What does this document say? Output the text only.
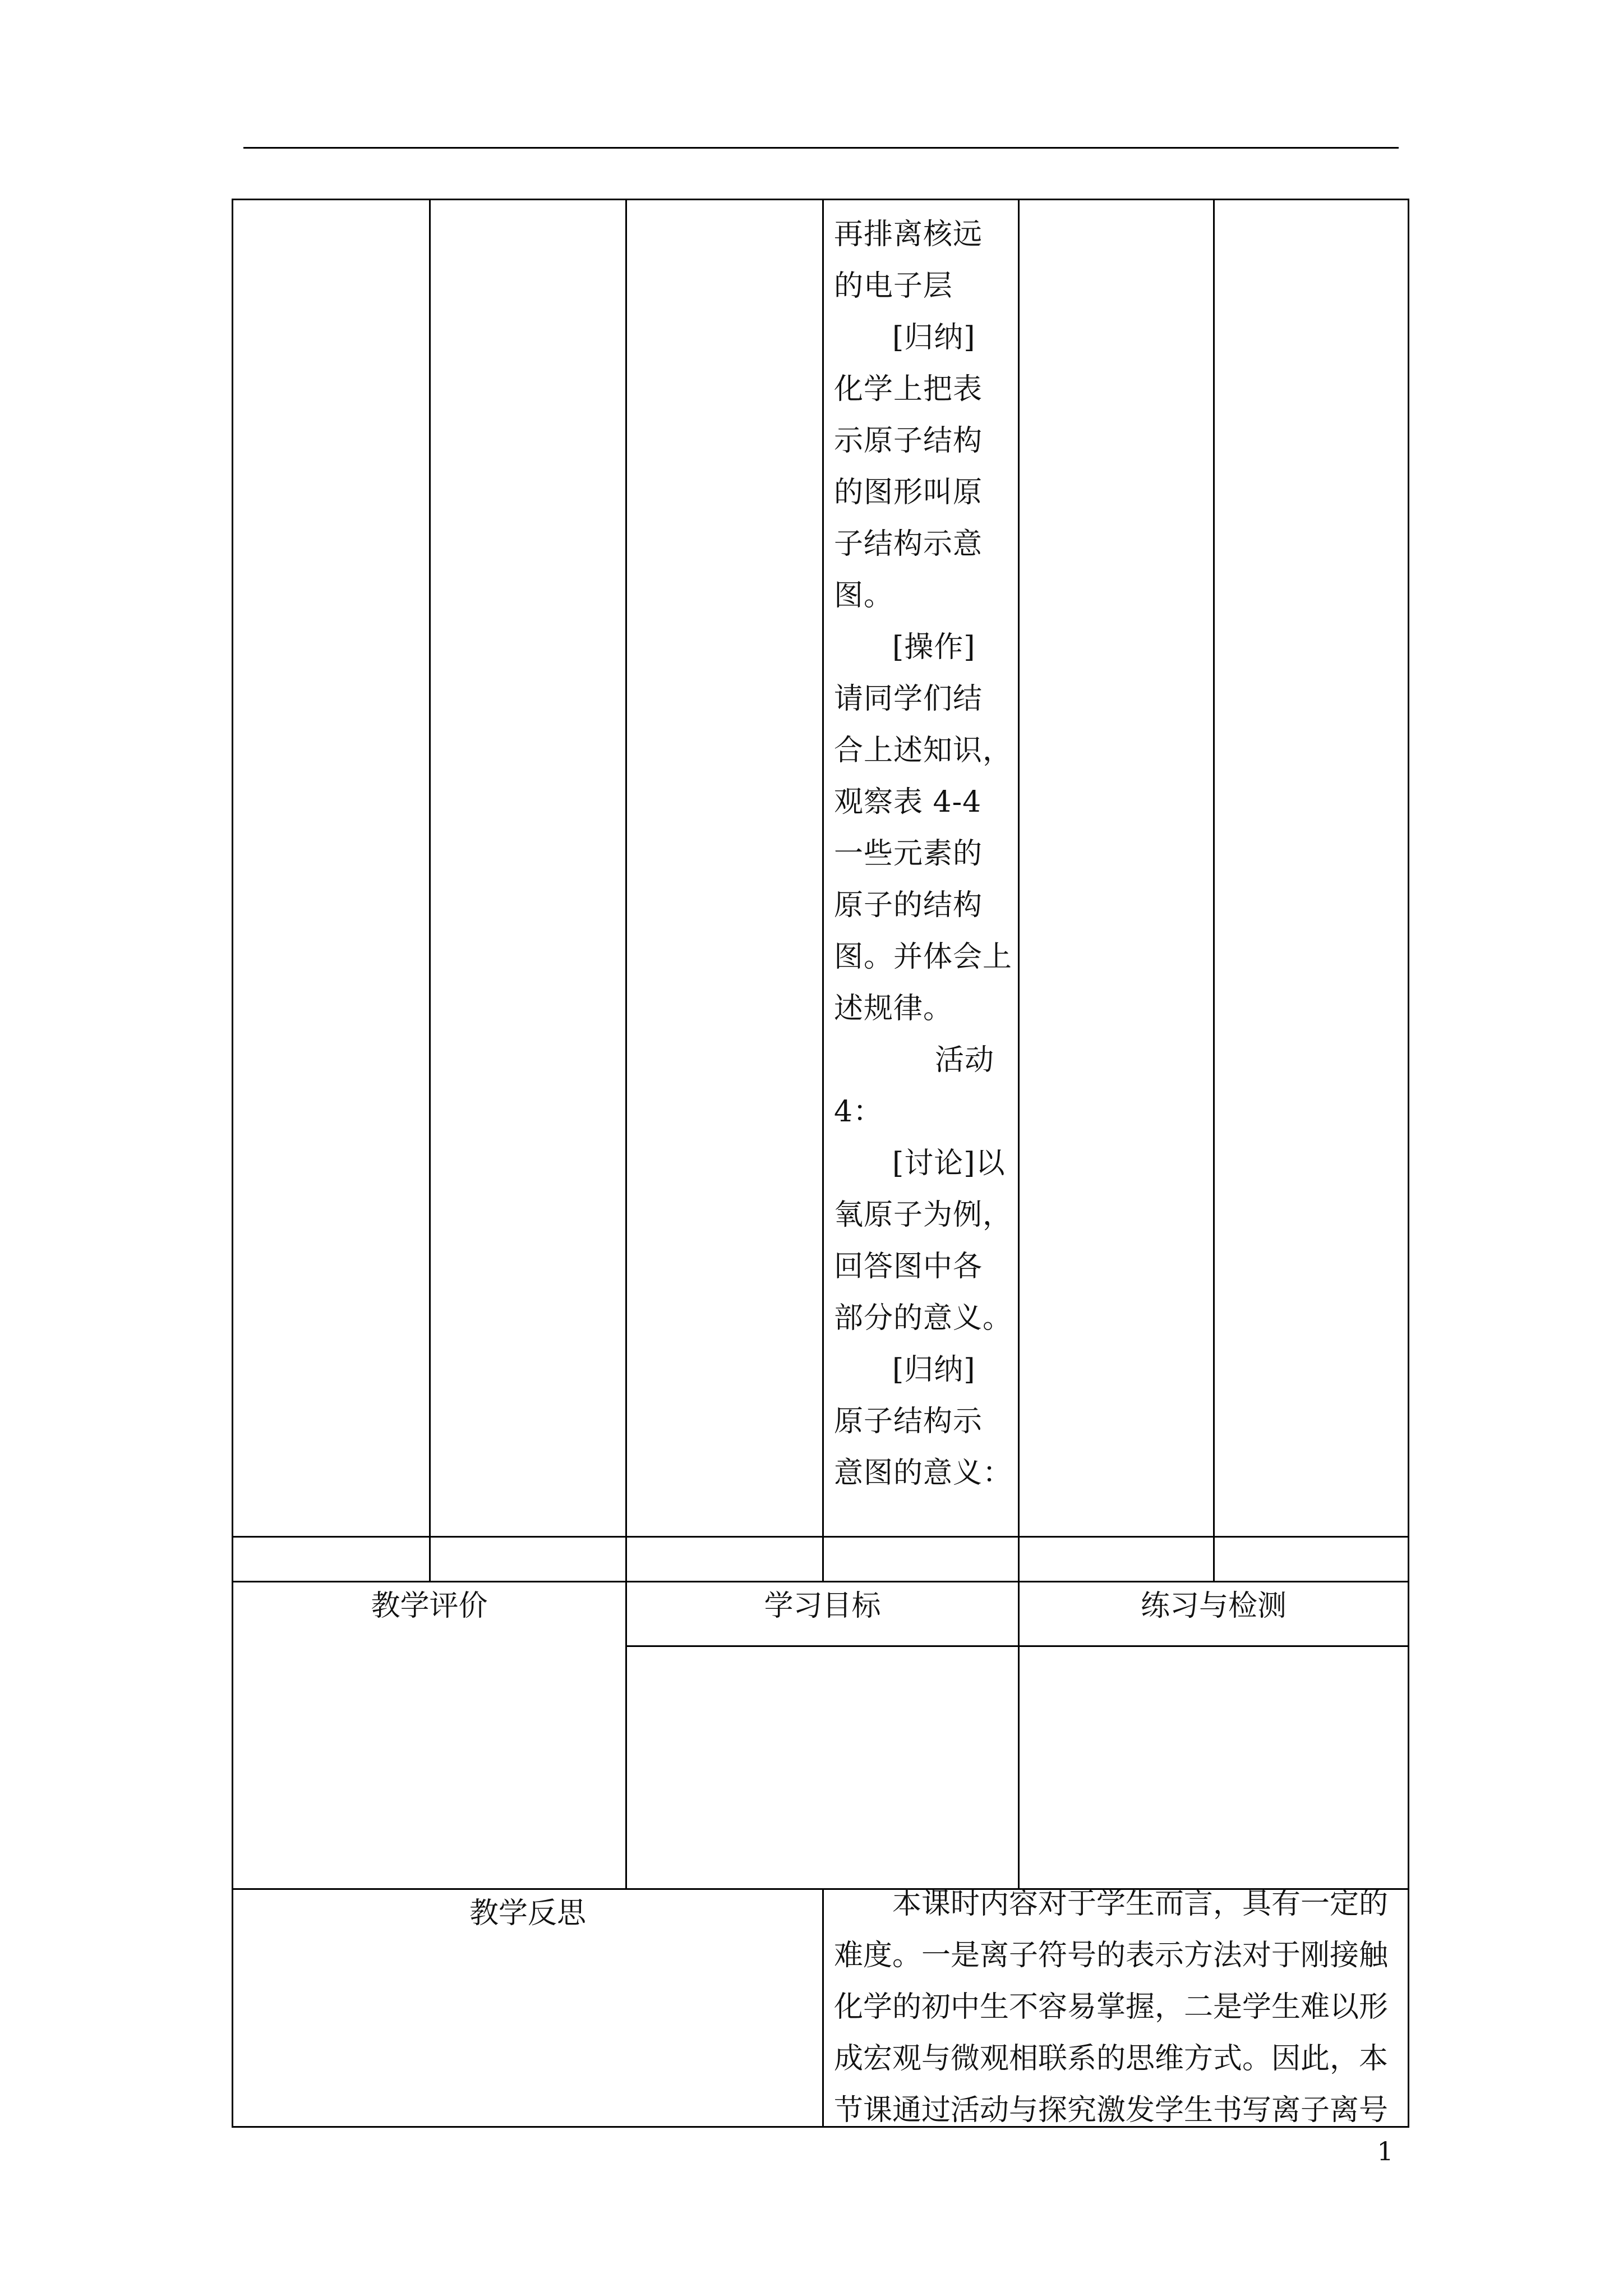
再排离核远
的电子层
[归纳]
化学上把表
示原子结构
的图形叫原
子结构示意
图。
[操作]
请同学们结
合上述知识，
观察表 4-4
一些元素的
原子的结构
图。并体会上
述规律。
活动
4：
[讨论]以
氧原子为例，
回答图中各
部分的意义。
[归纳]
原子结构示
意图的意义：
教学评价	学习目标	练习与检测
教学反思	本课时内容对于学生而言，具有一定的
难度。一是离子符号的表示方法对于刚接触
化学的初中生不容易掌握，二是学生难以形
成宏观与微观相联系的思维方式。因此，本
节课通过活动与探究激发学生书写离子离号
1
